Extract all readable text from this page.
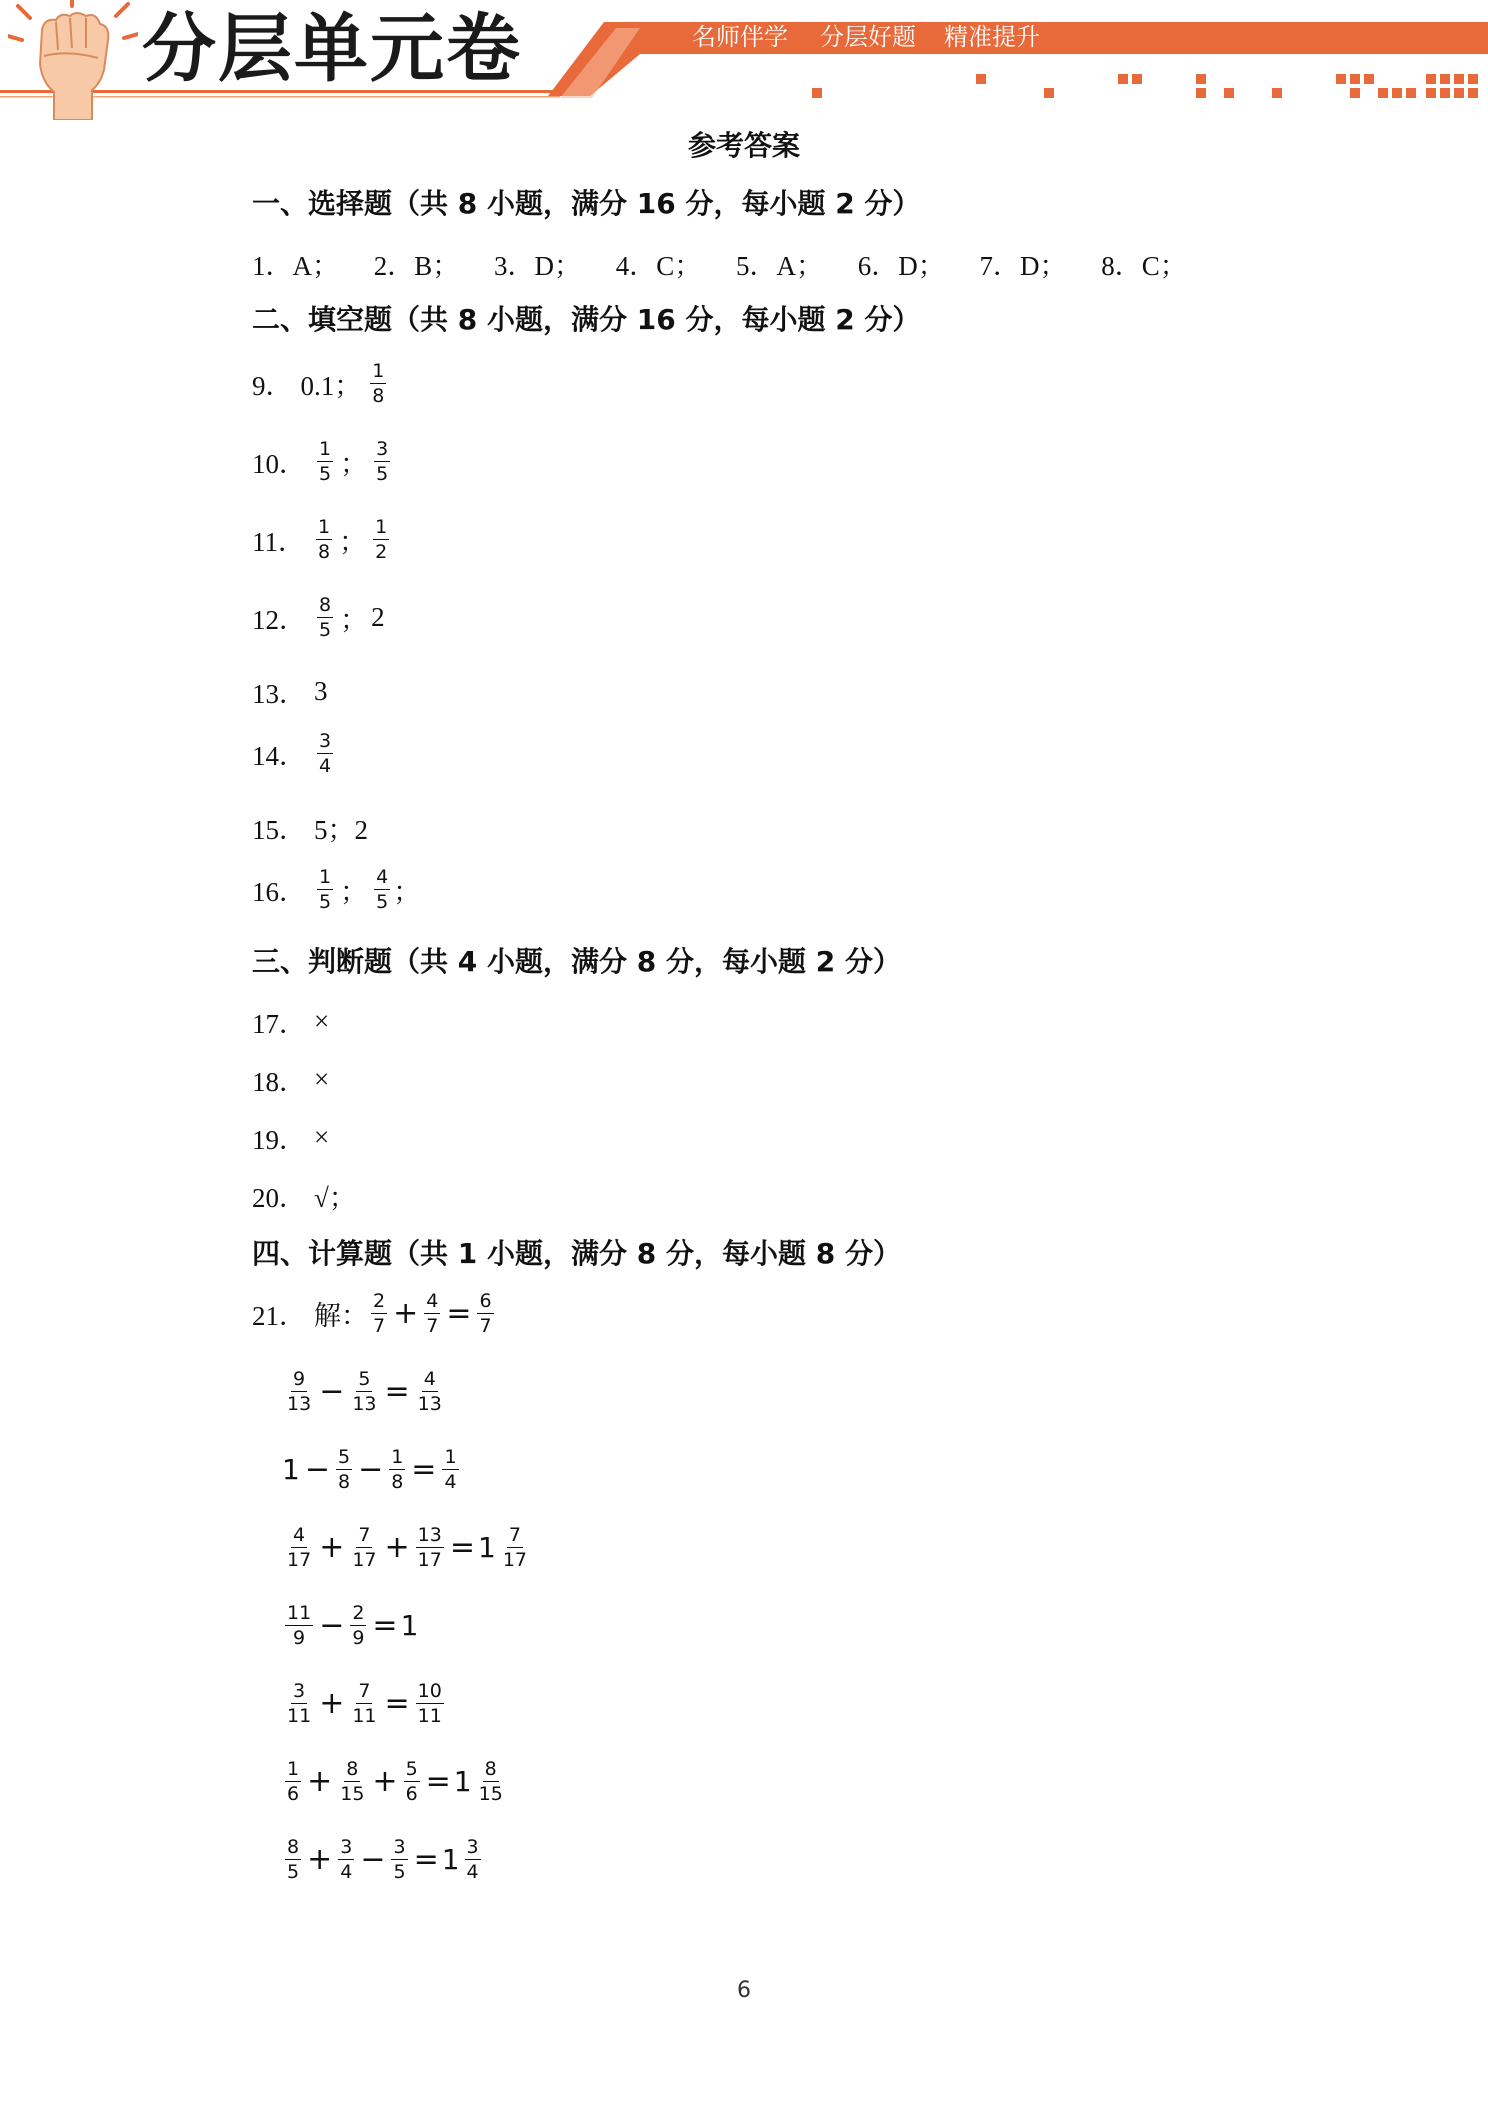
分层单元卷	名师伴学 分层好题 精准提升
参考答案
一、选择题（共 8 小题，满分 16 分，每小题 2 分）
1．A； 2．B； 3．D； 4．C； 5．A； 6．D； 7．D； 8．C；
二、填空题（共 8 小题，满分 16 分，每小题 2 分）
9． 0.1； $\frac{1}{8}$
10． $\frac{1}{5}$ ； $\frac{3}{5}$
11． $\frac{1}{8}$ ； $\frac{1}{2}$
12． $\frac{8}{5}$ ； 2
13． 3
14． $\frac{3}{4}$
15． 5；2
16． $\frac{1}{5}$ ； $\frac{4}{5}$ ；
三、判断题（共 4 小题，满分 8 分，每小题 2 分）
17． ×
18． ×
19． ×
20． √；
四、计算题（共 1 小题，满分 8 分，每小题 8 分）
21． 解： $\frac{2}{7} + \frac{4}{7} = \frac{6}{7}$
$\frac{9}{13} - \frac{5}{13} = \frac{4}{13}$
$1 - \frac{5}{8} - \frac{1}{8} = \frac{1}{4}$
$\frac{4}{17} + \frac{7}{17} + \frac{13}{17} = 1 \frac{7}{17}$
$\frac{11}{9} - \frac{2}{9} = 1$
$\frac{3}{11} + \frac{7}{11} = \frac{10}{11}$
$\frac{1}{6} + \frac{8}{15} + \frac{5}{6} = 1 \frac{8}{15}$
$\frac{8}{5} + \frac{3}{4} - \frac{3}{5} = 1 \frac{3}{4}$
6
